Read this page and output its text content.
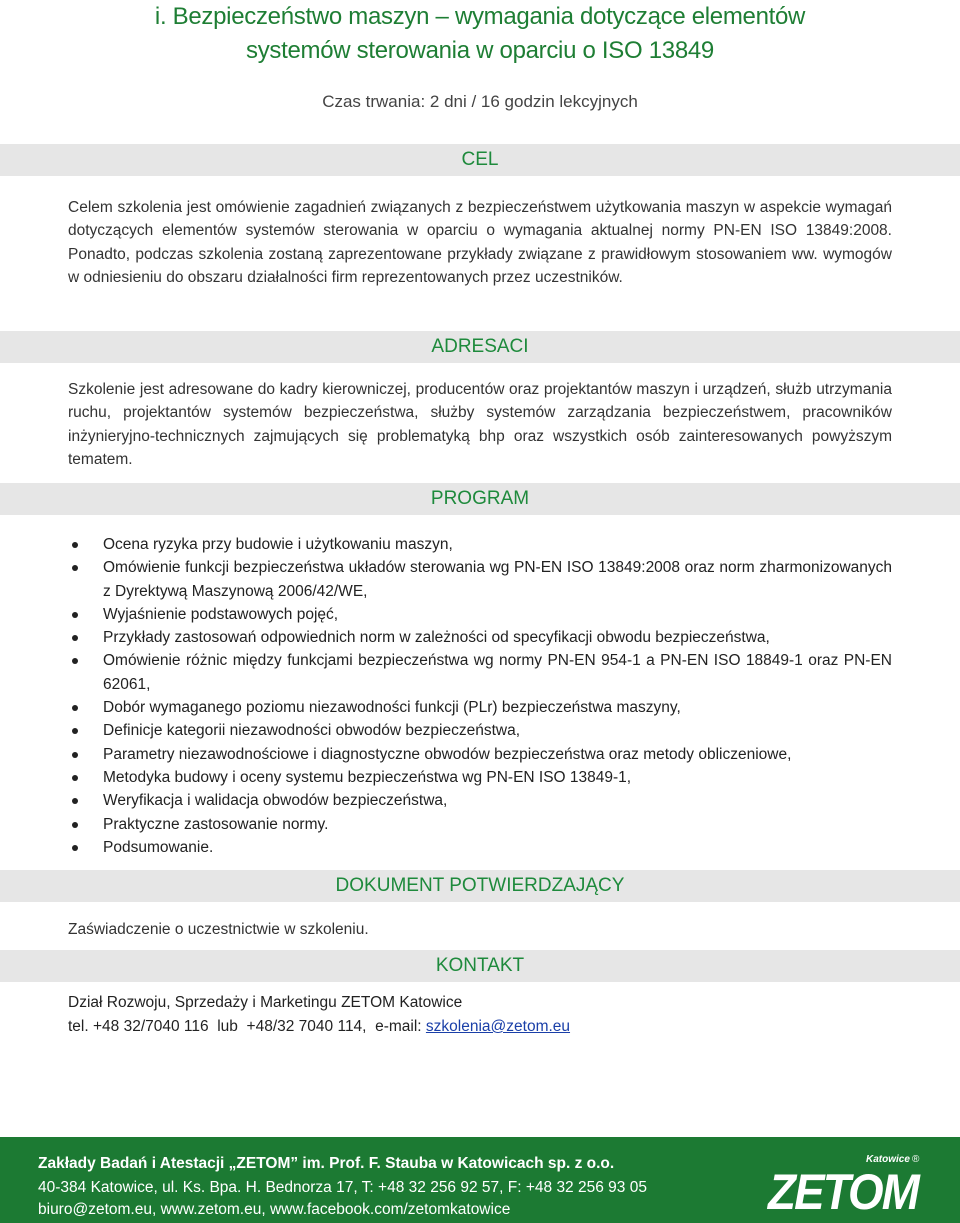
i. Bezpieczeństwo maszyn – wymagania dotyczące elementów
systemów sterowania w oparciu o ISO 13849
Czas trwania: 2 dni / 16 godzin lekcyjnych
CEL
Celem szkolenia jest omówienie zagadnień związanych z bezpieczeństwem użytkowania maszyn w aspekcie wymagań dotyczących elementów systemów sterowania w oparciu o wymagania aktualnej normy PN-EN ISO 13849:2008. Ponadto, podczas szkolenia zostaną zaprezentowane przykłady związane z prawidłowym stosowaniem ww. wymogów w odniesieniu do obszaru działalności firm reprezentowanych przez uczestników.
ADRESACI
Szkolenie jest adresowane do kadry kierowniczej, producentów oraz projektantów maszyn i urządzeń, służb utrzymania ruchu, projektantów systemów bezpieczeństwa, służby systemów zarządzania bezpieczeństwem, pracowników inżynieryjno-technicznych zajmujących się problematyką bhp oraz wszystkich osób zainteresowanych powyższym tematem.
PROGRAM
Ocena ryzyka przy budowie i użytkowaniu maszyn,
Omówienie funkcji bezpieczeństwa układów sterowania wg PN-EN ISO 13849:2008 oraz norm zharmonizowanych z Dyrektywą Maszynową 2006/42/WE,
Wyjaśnienie podstawowych pojęć,
Przykłady zastosowań odpowiednich norm w zależności od specyfikacji obwodu bezpieczeństwa,
Omówienie różnic między funkcjami bezpieczeństwa wg normy PN-EN 954-1 a PN-EN ISO 18849-1 oraz PN-EN 62061,
Dobór wymaganego poziomu niezawodności funkcji (PLr) bezpieczeństwa maszyny,
Definicje kategorii niezawodności obwodów bezpieczeństwa,
Parametry niezawodnościowe i diagnostyczne obwodów bezpieczeństwa oraz metody obliczeniowe,
Metodyka budowy i oceny systemu bezpieczeństwa wg PN-EN ISO 13849-1,
Weryfikacja i walidacja obwodów bezpieczeństwa,
Praktyczne zastosowanie normy.
Podsumowanie.
DOKUMENT POTWIERDZAJĄCY
Zaświadczenie o uczestnictwie w szkoleniu.
KONTAKT
Dział Rozwoju, Sprzedaży i Marketingu ZETOM Katowice
tel. +48 32/7040 116  lub  +48/32 7040 114,  e-mail: szkolenia@zetom.eu
Zakłady Badań i Atestacji „ZETOM” im. Prof. F. Stauba w Katowicach sp. z o.o.
40-384 Katowice, ul. Ks. Bpa. H. Bednorza 17, T: +48 32 256 92 57, F: +48 32 256 93 05
biuro@zetom.eu, www.zetom.eu, www.facebook.com/zetomkatowice
Katowice ®
ZETOM
